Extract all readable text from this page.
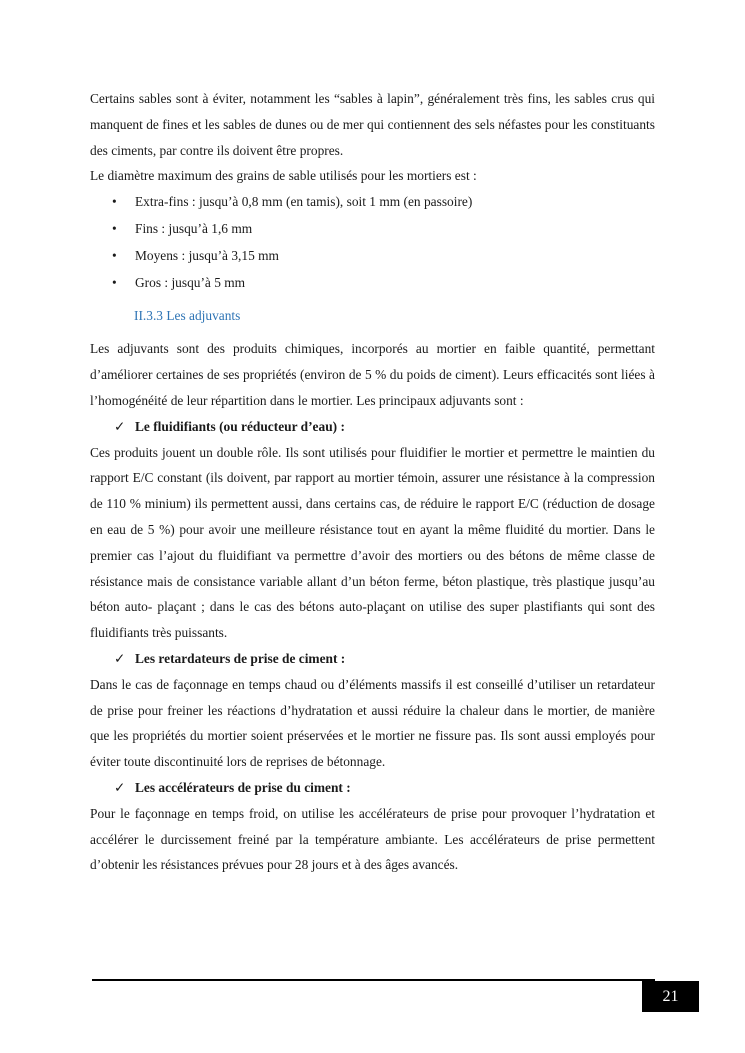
Certains sables sont à éviter, notamment les “sables à lapin”, généralement très fins, les sables crus qui manquent de fines et les sables de dunes ou de mer qui contiennent des sels néfastes pour les constituants des ciments, par contre ils doivent être propres.

Le diamètre maximum des grains de sable utilisés pour les mortiers est :

• Extra-fins : jusqu’à 0,8 mm (en tamis), soit 1 mm (en passoire)
• Fins : jusqu’à 1,6 mm
• Moyens : jusqu’à 3,15 mm
• Gros : jusqu’à 5 mm
II.3.3 Les adjuvants

Les adjuvants sont des produits chimiques, incorporés au mortier en faible quantité, permettant d’améliorer certaines de ses propriétés (environ de 5 % du poids de ciment). Leurs efficacités sont liées à l’homogénéité de leur répartition dans le mortier. Les principaux adjuvants sont :

✓ Le fluidifiants (ou réducteur d’eau) :

Ces produits jouent un double rôle. Ils sont utilisés pour fluidifier le mortier et permettre le maintien du rapport E/C constant (ils doivent, par rapport au mortier témoin, assurer une résistance à la compression de 110 % minium) ils permettent aussi, dans certains cas, de réduire le rapport E/C (réduction de dosage en eau de 5 %) pour avoir une meilleure résistance tout en ayant la même fluidité du mortier. Dans le premier cas l’ajout du fluidifiant va permettre d’avoir des mortiers ou des bétons de même classe de résistance mais de consistance variable allant d’un béton ferme, béton plastique, très plastique jusqu’au béton auto- plaçant ; dans le cas des bétons auto-plaçant on utilise des super plastifiants qui sont des fluidifiants très puissants.

✓ Les retardateurs de prise de ciment :

Dans le cas de façonnage en temps chaud ou d’éléments massifs il est conseillé d’utiliser un retardateur de prise pour freiner les réactions d’hydratation et aussi réduire la chaleur dans le mortier, de manière que les propriétés du mortier soient préservées et le mortier ne fissure pas. Ils sont aussi employés pour éviter toute discontinuité lors de reprises de bétonnage.

✓ Les accélérateurs de prise du ciment :

Pour le façonnage en temps froid, on utilise les accélérateurs de prise pour provoquer l’hydratation et accélérer le durcissement freiné par la température ambiante. Les accélérateurs de prise permettent d’obtenir les résistances prévues pour 28 jours et à des âges avancés.

21
